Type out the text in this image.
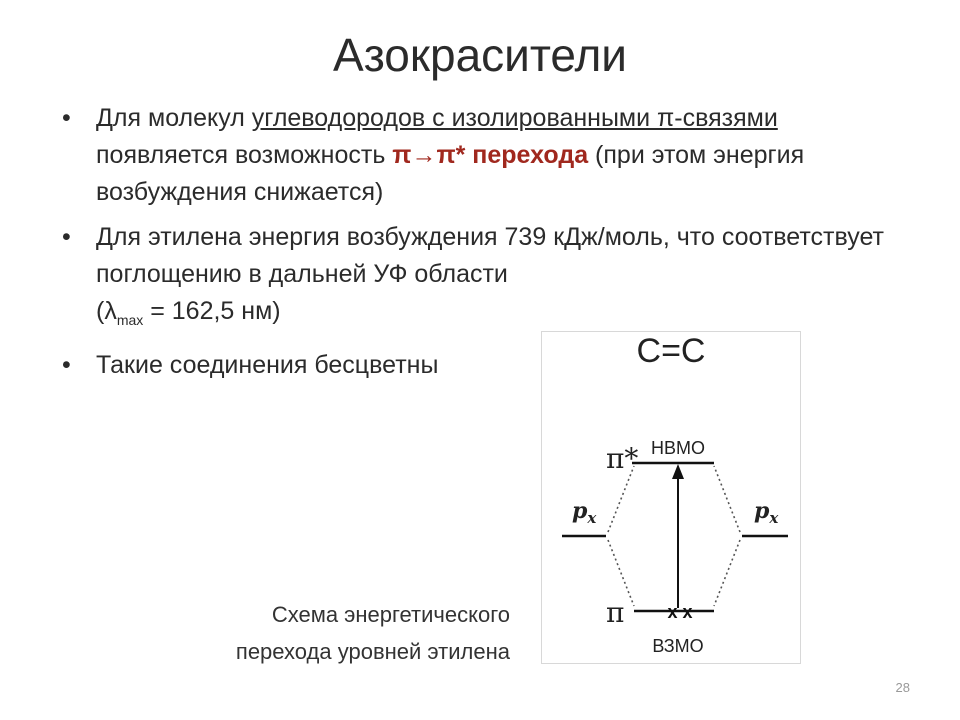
Азокрасители
• Для молекул углеводородов с изолированными π-связями появляется возможность π→π* перехода (при этом энергия возбуждения снижается)
• Для этилена энергия возбуждения 739 кДж/моль, что соответствует поглощению в дальней УФ области
($\lambda_{max} = 162,5$ нм)
• Такие соединения бесцветны	C=C
π* НВМО
$p_x$	$p_x$
π x x
ВЗМО
Схема энергетического
перехода уровней этилена
28
